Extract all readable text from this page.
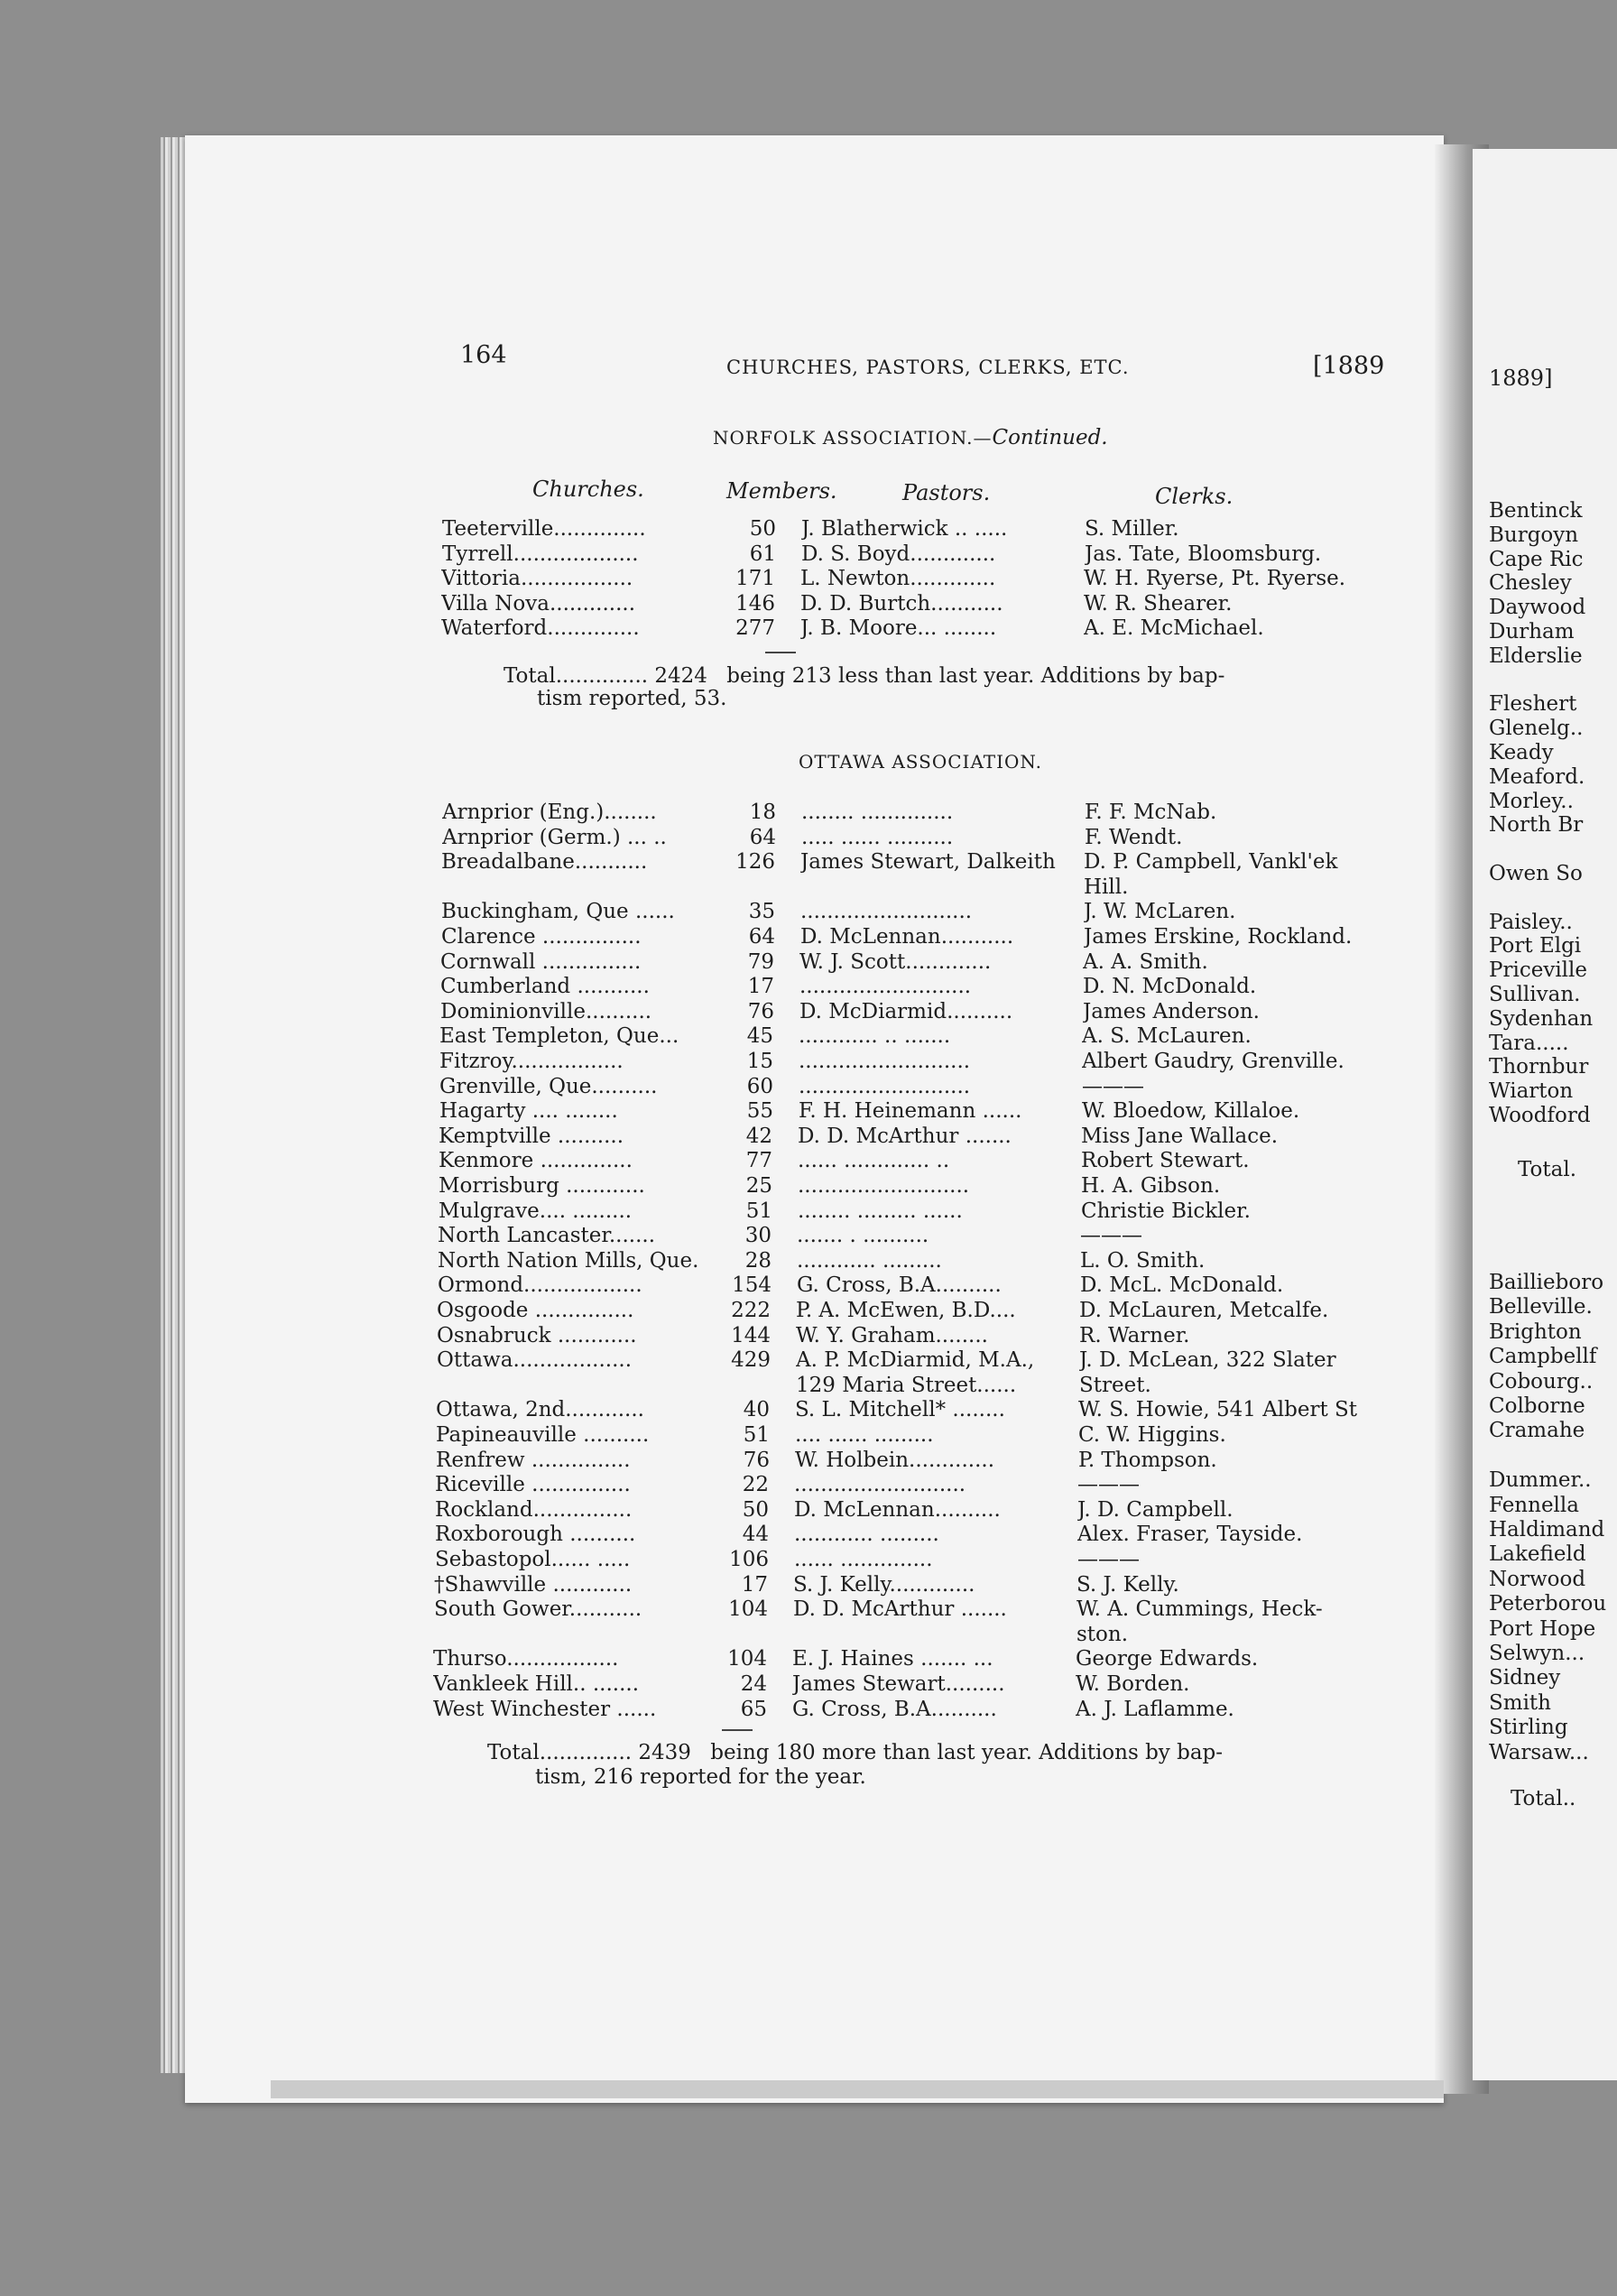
1889]
Bentinck
Burgoyn
Cape Ric
Chesley
Daywood
Durham
Elderslie
Fleshert
Glenelg..
Keady
Meaford.
Morley..
North Br
Owen So
Paisley..
Port Elgi
Priceville
Sullivan.
Sydenhan
Tara.....
Thornbur
Wiarton
Woodford
Total.
Baillieboro
Belleville.
Brighton
Campbellf
Cobourg..
Colborne
Cramahe
Dummer..
Fennella
Haldimand
Lakefield
Norwood
Peterborou
Port Hope
Selwyn...
Sidney
Smith
Stirling
Warsaw...
Total..
164	CHURCHES, PASTORS, CLERKS, ETC.	[1889
NORFOLK ASSOCIATION.—Continued.
Churches.	Members.	Pastors.	Clerks.
Teeterville..............	50 J. Blatherwick .. .....	S. Miller.
Tyrrell...................	61 D. S. Boyd.............	Jas. Tate, Bloomsburg.
Vittoria.................	171 L. Newton.............	W. H. Ryerse, Pt. Ryerse.
Villa Nova.............	146 D. D. Burtch...........	W. R. Shearer.
Waterford..............	277 J. B. Moore... ........	A. E. McMichael.
Total.............. 2424 being 213 less than last year. Additions by bap-
tism reported, 53.
OTTAWA ASSOCIATION.
Arnprior (Eng.)........	18 ........ ..............	F. F. McNab.
Arnprior (Germ.) ... ..	64 ..... ...... ..........	F. Wendt.
Breadalbane...........	126 James Stewart, Dalkeith	D. P. Campbell, Vankl'ek
Hill.
Buckingham, Que ......	35 ..........................	J. W. McLaren.
Clarence ...............	64 D. McLennan...........	James Erskine, Rockland.
Cornwall ...............	79 W. J. Scott.............	A. A. Smith.
Cumberland ...........	17 ..........................	D. N. McDonald.
Dominionville..........	76 D. McDiarmid..........	James Anderson.
East Templeton, Que...	45 ............ .. .......	A. S. McLauren.
Fitzroy.................	15 ..........................	Albert Gaudry, Grenville.
Grenville, Que..........	60 ..........................	———
Hagarty .... ........	55 F. H. Heinemann ......	W. Bloedow, Killaloe.
Kemptville ..........	42 D. D. McArthur .......	Miss Jane Wallace.
Kenmore ..............	77 ...... ............. ..	Robert Stewart.
Morrisburg ............	25 ..........................	H. A. Gibson.
Mulgrave.... .........	51 ........ ......... ......	Christie Bickler.
North Lancaster.......	30 ....... . ..........	———
North Nation Mills, Que.	28 ............ .........	L. O. Smith.
Ormond..................	154 G. Cross, B.A..........	D. McL. McDonald.
Osgoode ...............	222 P. A. McEwen, B.D....	D. McLauren, Metcalfe.
Osnabruck ............	144 W. Y. Graham........	R. Warner.
Ottawa..................	429 A. P. McDiarmid, M.A.,	J. D. McLean, 322 Slater
129 Maria Street......	Street.
Ottawa, 2nd............	40 S. L. Mitchell* ........	W. S. Howie, 541 Albert St
Papineauville ..........	51 .... ...... .........	C. W. Higgins.
Renfrew ...............	76 W. Holbein.............	P. Thompson.
Riceville ...............	22 ..........................	———
Rockland...............	50 D. McLennan..........	J. D. Campbell.
Roxborough ..........	44 ............ .........	Alex. Fraser, Tayside.
Sebastopol...... .....	106 ...... ..............	———
†Shawville ............	17 S. J. Kelly.............	S. J. Kelly.
South Gower...........	104 D. D. McArthur .......	W. A. Cummings, Heck-
ston.
Thurso.................	104 E. J. Haines ....... ...	George Edwards.
Vankleek Hill.. .......	24 James Stewart.........	W. Borden.
West Winchester ......	65 G. Cross, B.A..........	A. J. Laflamme.
Total.............. 2439 being 180 more than last year. Additions by bap-
tism, 216 reported for the year.
